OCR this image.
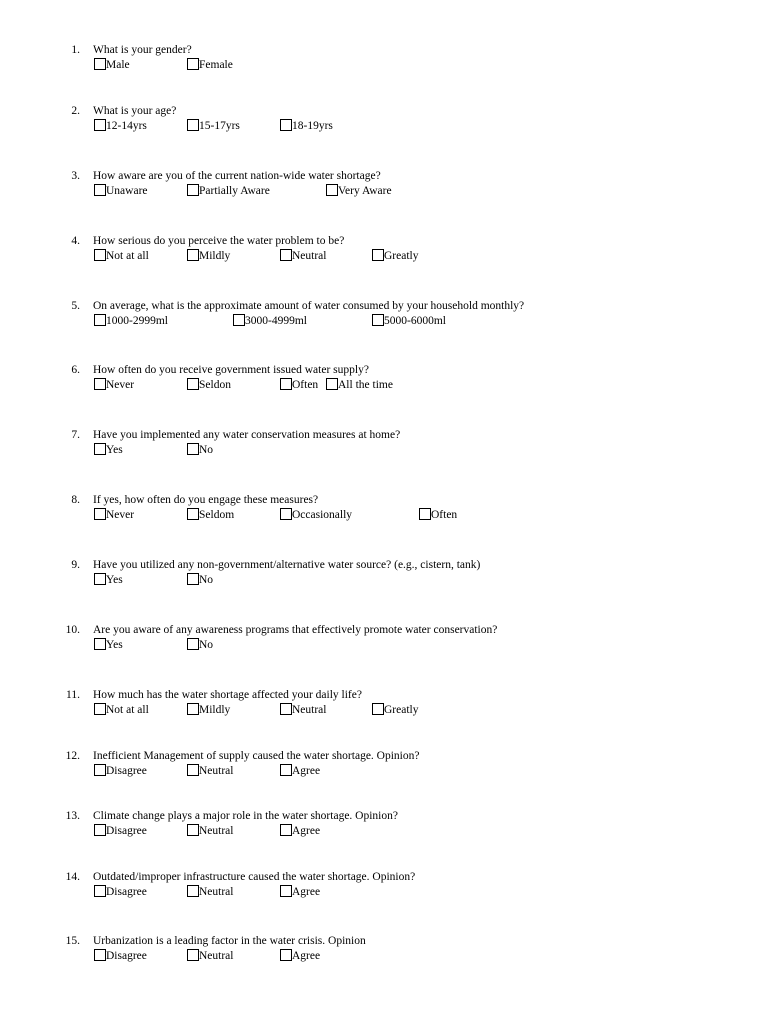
1. What is your gender?
Male	Female
2. What is your age?
12-14yrs	15-17yrs	18-19yrs
3. How aware are you of the current nation-wide water shortage?
Unaware	Partially Aware	Very Aware
4. How serious do you perceive the water problem to be?
Not at all	Mildly	Neutral	Greatly
5. On average, what is the approximate amount of water consumed by your household monthly?
1000-2999ml	3000-4999ml	5000-6000ml
6. How often do you receive government issued water supply?
Never	Seldon	Often	All the time
7. Have you implemented any water conservation measures at home?
Yes	No
8. If yes, how often do you engage these measures?
Never	Seldom	Occasionally	Often
9. Have you utilized any non-government/alternative water source? (e.g., cistern, tank)
Yes	No
10. Are you aware of any awareness programs that effectively promote water conservation?
Yes	No
11. How much has the water shortage affected your daily life?
Not at all	Mildly	Neutral	Greatly
12. Inefficient Management of supply caused the water shortage. Opinion?
Disagree	Neutral	Agree
13. Climate change plays a major role in the water shortage. Opinion?
Disagree	Neutral	Agree
14. Outdated/improper infrastructure caused the water shortage. Opinion?
Disagree	Neutral	Agree
15. Urbanization is a leading factor in the water crisis. Opinion
Disagree	Neutral	Agree
